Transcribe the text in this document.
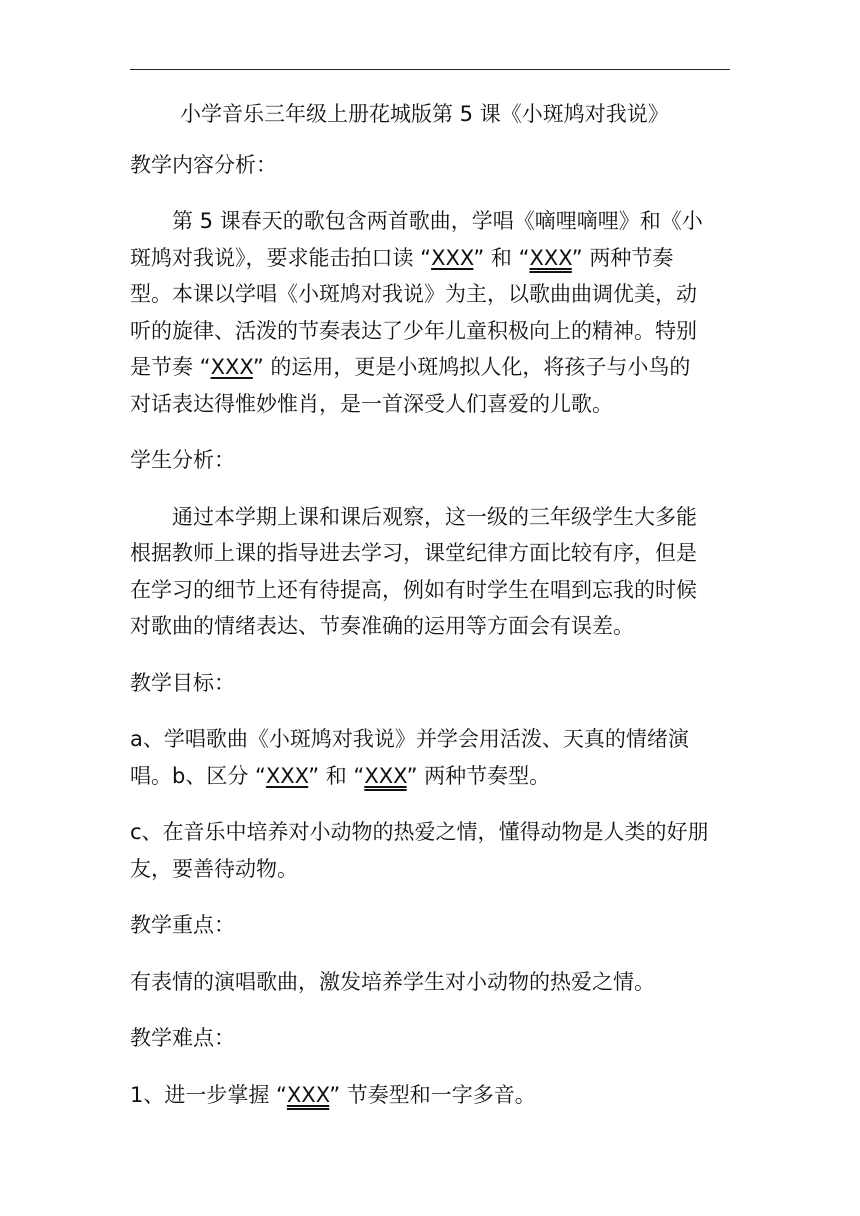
小学音乐三年级上册花城版第 5 课《小斑鸠对我说》
教学内容分析：
第 5 课春天的歌包含两首歌曲，学唱《嘀哩嘀哩》和《小
斑鸠对我说》，要求能击拍口读 “XXX” 和 “XXX” 两种节奏
型。本课以学唱《小斑鸠对我说》为主，以歌曲曲调优美，动
听的旋律、活泼的节奏表达了少年儿童积极向上的精神。特别
是节奏 “XXX” 的运用，更是小斑鸠拟人化，将孩子与小鸟的
对话表达得惟妙惟肖，是一首深受人们喜爱的儿歌。
学生分析：
通过本学期上课和课后观察，这一级的三年级学生大多能
根据教师上课的指导进去学习，课堂纪律方面比较有序，但是
在学习的细节上还有待提高，例如有时学生在唱到忘我的时候
对歌曲的情绪表达、节奏准确的运用等方面会有误差。
教学目标：
a、学唱歌曲《小斑鸠对我说》并学会用活泼、天真的情绪演
唱。b、区分 “XXX” 和 “XXX” 两种节奏型。
c、在音乐中培养对小动物的热爱之情，懂得动物是人类的好朋
友，要善待动物。
教学重点：
有表情的演唱歌曲，激发培养学生对小动物的热爱之情。
教学难点：
1、进一步掌握 “XXX” 节奏型和一字多音。
